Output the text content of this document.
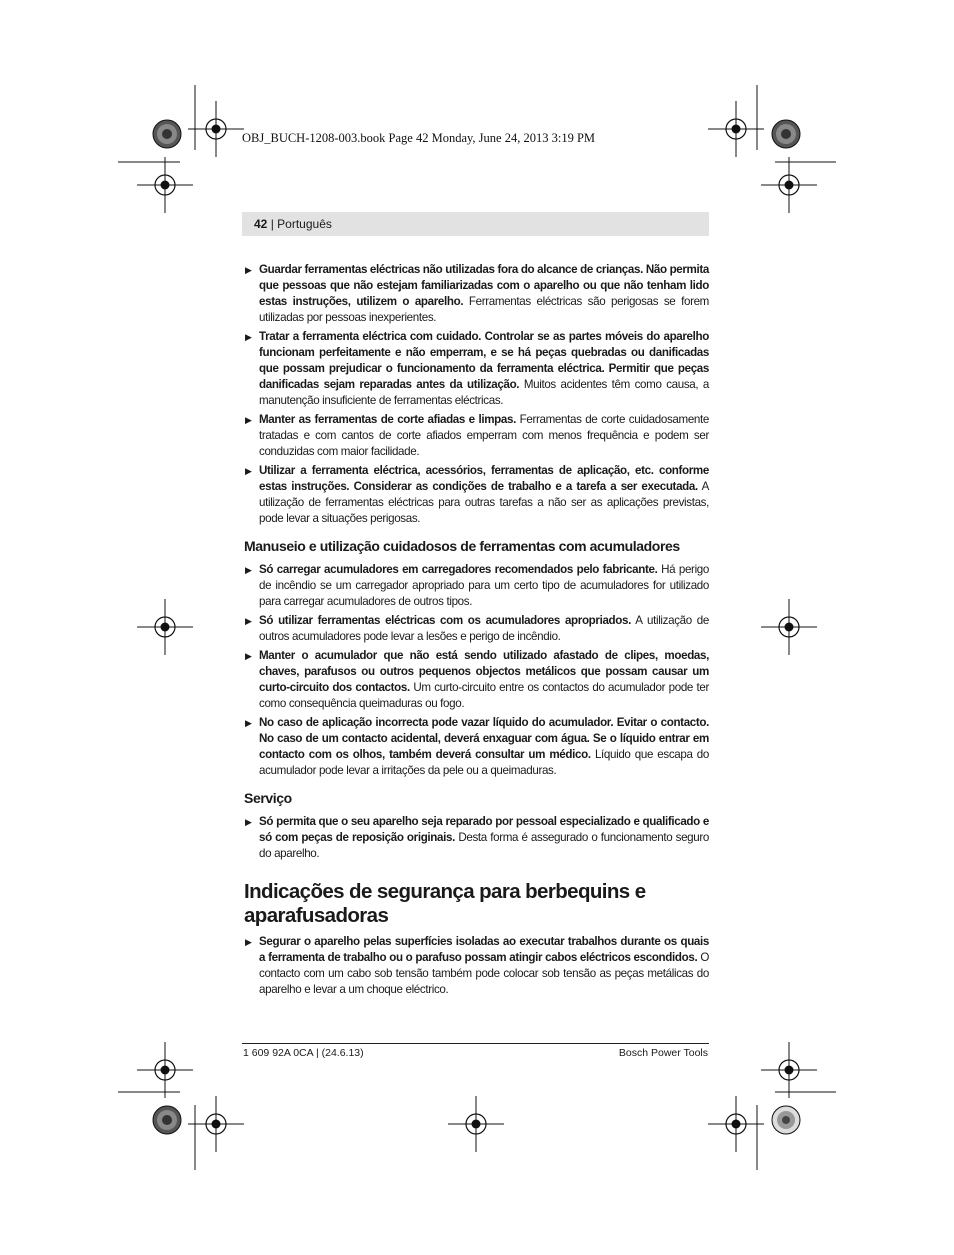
OBJ_BUCH-1208-003.book Page 42 Monday, June 24, 2013 3:19 PM
42 | Português
▶ Guardar ferramentas eléctricas não utilizadas fora do alcance de crianças. Não permita que pessoas que não estejam familiarizadas com o aparelho ou que não tenham lido estas instruções, utilizem o aparelho. Ferramentas eléctricas são perigosas se forem utilizadas por pessoas inexperientes.
▶ Tratar a ferramenta eléctrica com cuidado. Controlar se as partes móveis do aparelho funcionam perfeitamente e não emperram, e se há peças quebradas ou danificadas que possam prejudicar o funcionamento da ferramenta eléctrica. Permitir que peças danificadas sejam reparadas antes da utilização. Muitos acidentes têm como causa, a manutenção insuficiente de ferramentas eléctricas.
▶ Manter as ferramentas de corte afiadas e limpas. Ferramentas de corte cuidadosamente tratadas e com cantos de corte afiados emperram com menos frequência e podem ser conduzidas com maior facilidade.
▶ Utilizar a ferramenta eléctrica, acessórios, ferramentas de aplicação, etc. conforme estas instruções. Considerar as condições de trabalho e a tarefa a ser executada. A utilização de ferramentas eléctricas para outras tarefas a não ser as aplicações previstas, pode levar a situações perigosas.
Manuseio e utilização cuidadosos de ferramentas com acumuladores
▶ Só carregar acumuladores em carregadores recomendados pelo fabricante. Há perigo de incêndio se um carregador apropriado para um certo tipo de acumuladores for utilizado para carregar acumuladores de outros tipos.
▶ Só utilizar ferramentas eléctricas com os acumuladores apropriados. A utilização de outros acumuladores pode levar a lesões e perigo de incêndio.
▶ Manter o acumulador que não está sendo utilizado afastado de clipes, moedas, chaves, parafusos ou outros pequenos objectos metálicos que possam causar um curto-circuito dos contactos. Um curto-circuito entre os contactos do acumulador pode ter como consequência queimaduras ou fogo.
▶ No caso de aplicação incorrecta pode vazar líquido do acumulador. Evitar o contacto. No caso de um contacto acidental, deverá enxaguar com água. Se o líquido entrar em contacto com os olhos, também deverá consultar um médico. Líquido que escapa do acumulador pode levar a irritações da pele ou a queimaduras.
Serviço
▶ Só permita que o seu aparelho seja reparado por pessoal especializado e qualificado e só com peças de reposição originais. Desta forma é assegurado o funcionamento seguro do aparelho.
Indicações de segurança para berbequins e aparafusadoras
▶ Segurar o aparelho pelas superfícies isoladas ao executar trabalhos durante os quais a ferramenta de trabalho ou o parafuso possam atingir cabos eléctricos escondidos. O contacto com um cabo sob tensão também pode colocar sob tensão as peças metálicas do aparelho e levar a um choque eléctrico.
1 609 92A 0CA | (24.6.13)	Bosch Power Tools
